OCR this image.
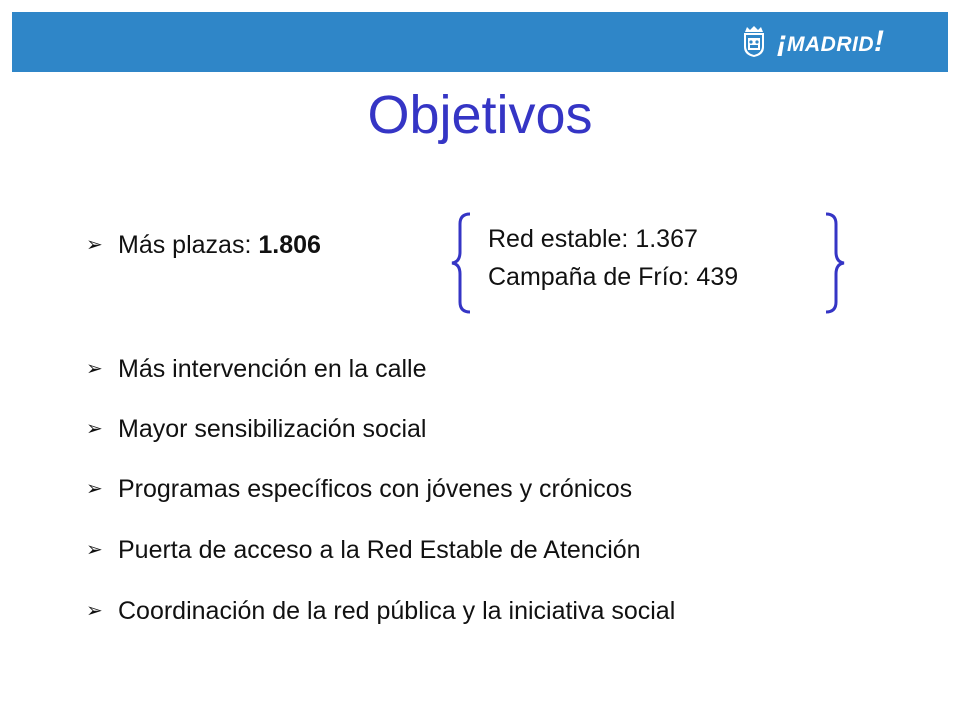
¡ MADRID !
Objetivos
➢ Más plazas:
1.806	Red estable: 1.367
Campaña de Frío: 439
➢ Más intervención en la calle
➢ Mayor sensibilización social
➢ Programas específicos con jóvenes y crónicos
➢ Puerta de acceso a la Red Estable de Atención
➢ Coordinación de la red pública y la iniciativa social
